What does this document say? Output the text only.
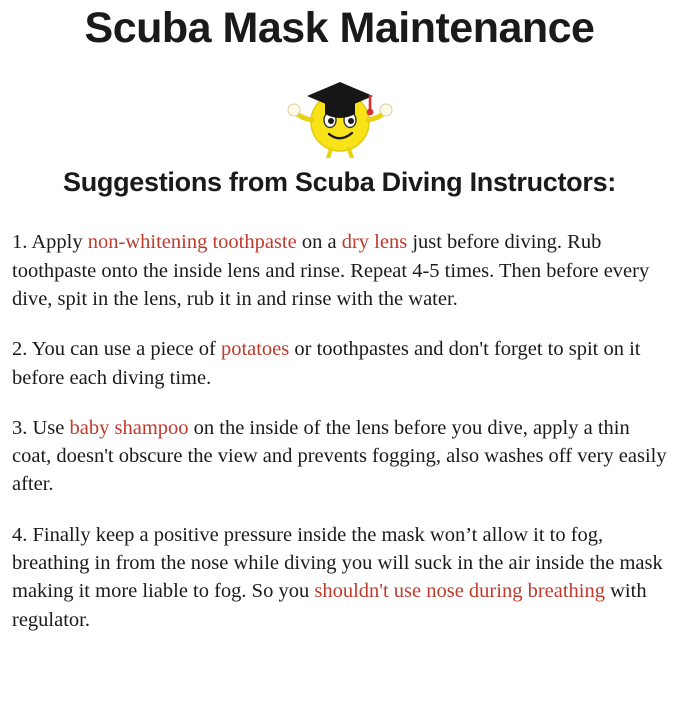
Scuba Mask Maintenance
Suggestions from Scuba Diving Instructors:

1. Apply non-whitening toothpaste on a dry lens just before diving. Rub toothpaste onto the inside lens and rinse. Repeat 4-5 times. Then before every dive, spit in the lens, rub it in and rinse with the water.

2. You can use a piece of potatoes or toothpastes and don't forget to spit on it before each diving time.

3. Use baby shampoo on the inside of the lens before you dive, apply a thin coat, doesn't obscure the view and prevents fogging, also washes off very easily after.

4. Finally keep a positive pressure inside the mask won’t allow it to fog, breathing in from the nose while diving you will suck in the air inside the mask making it more liable to fog. So you shouldn't use nose during breathing with regulator.
